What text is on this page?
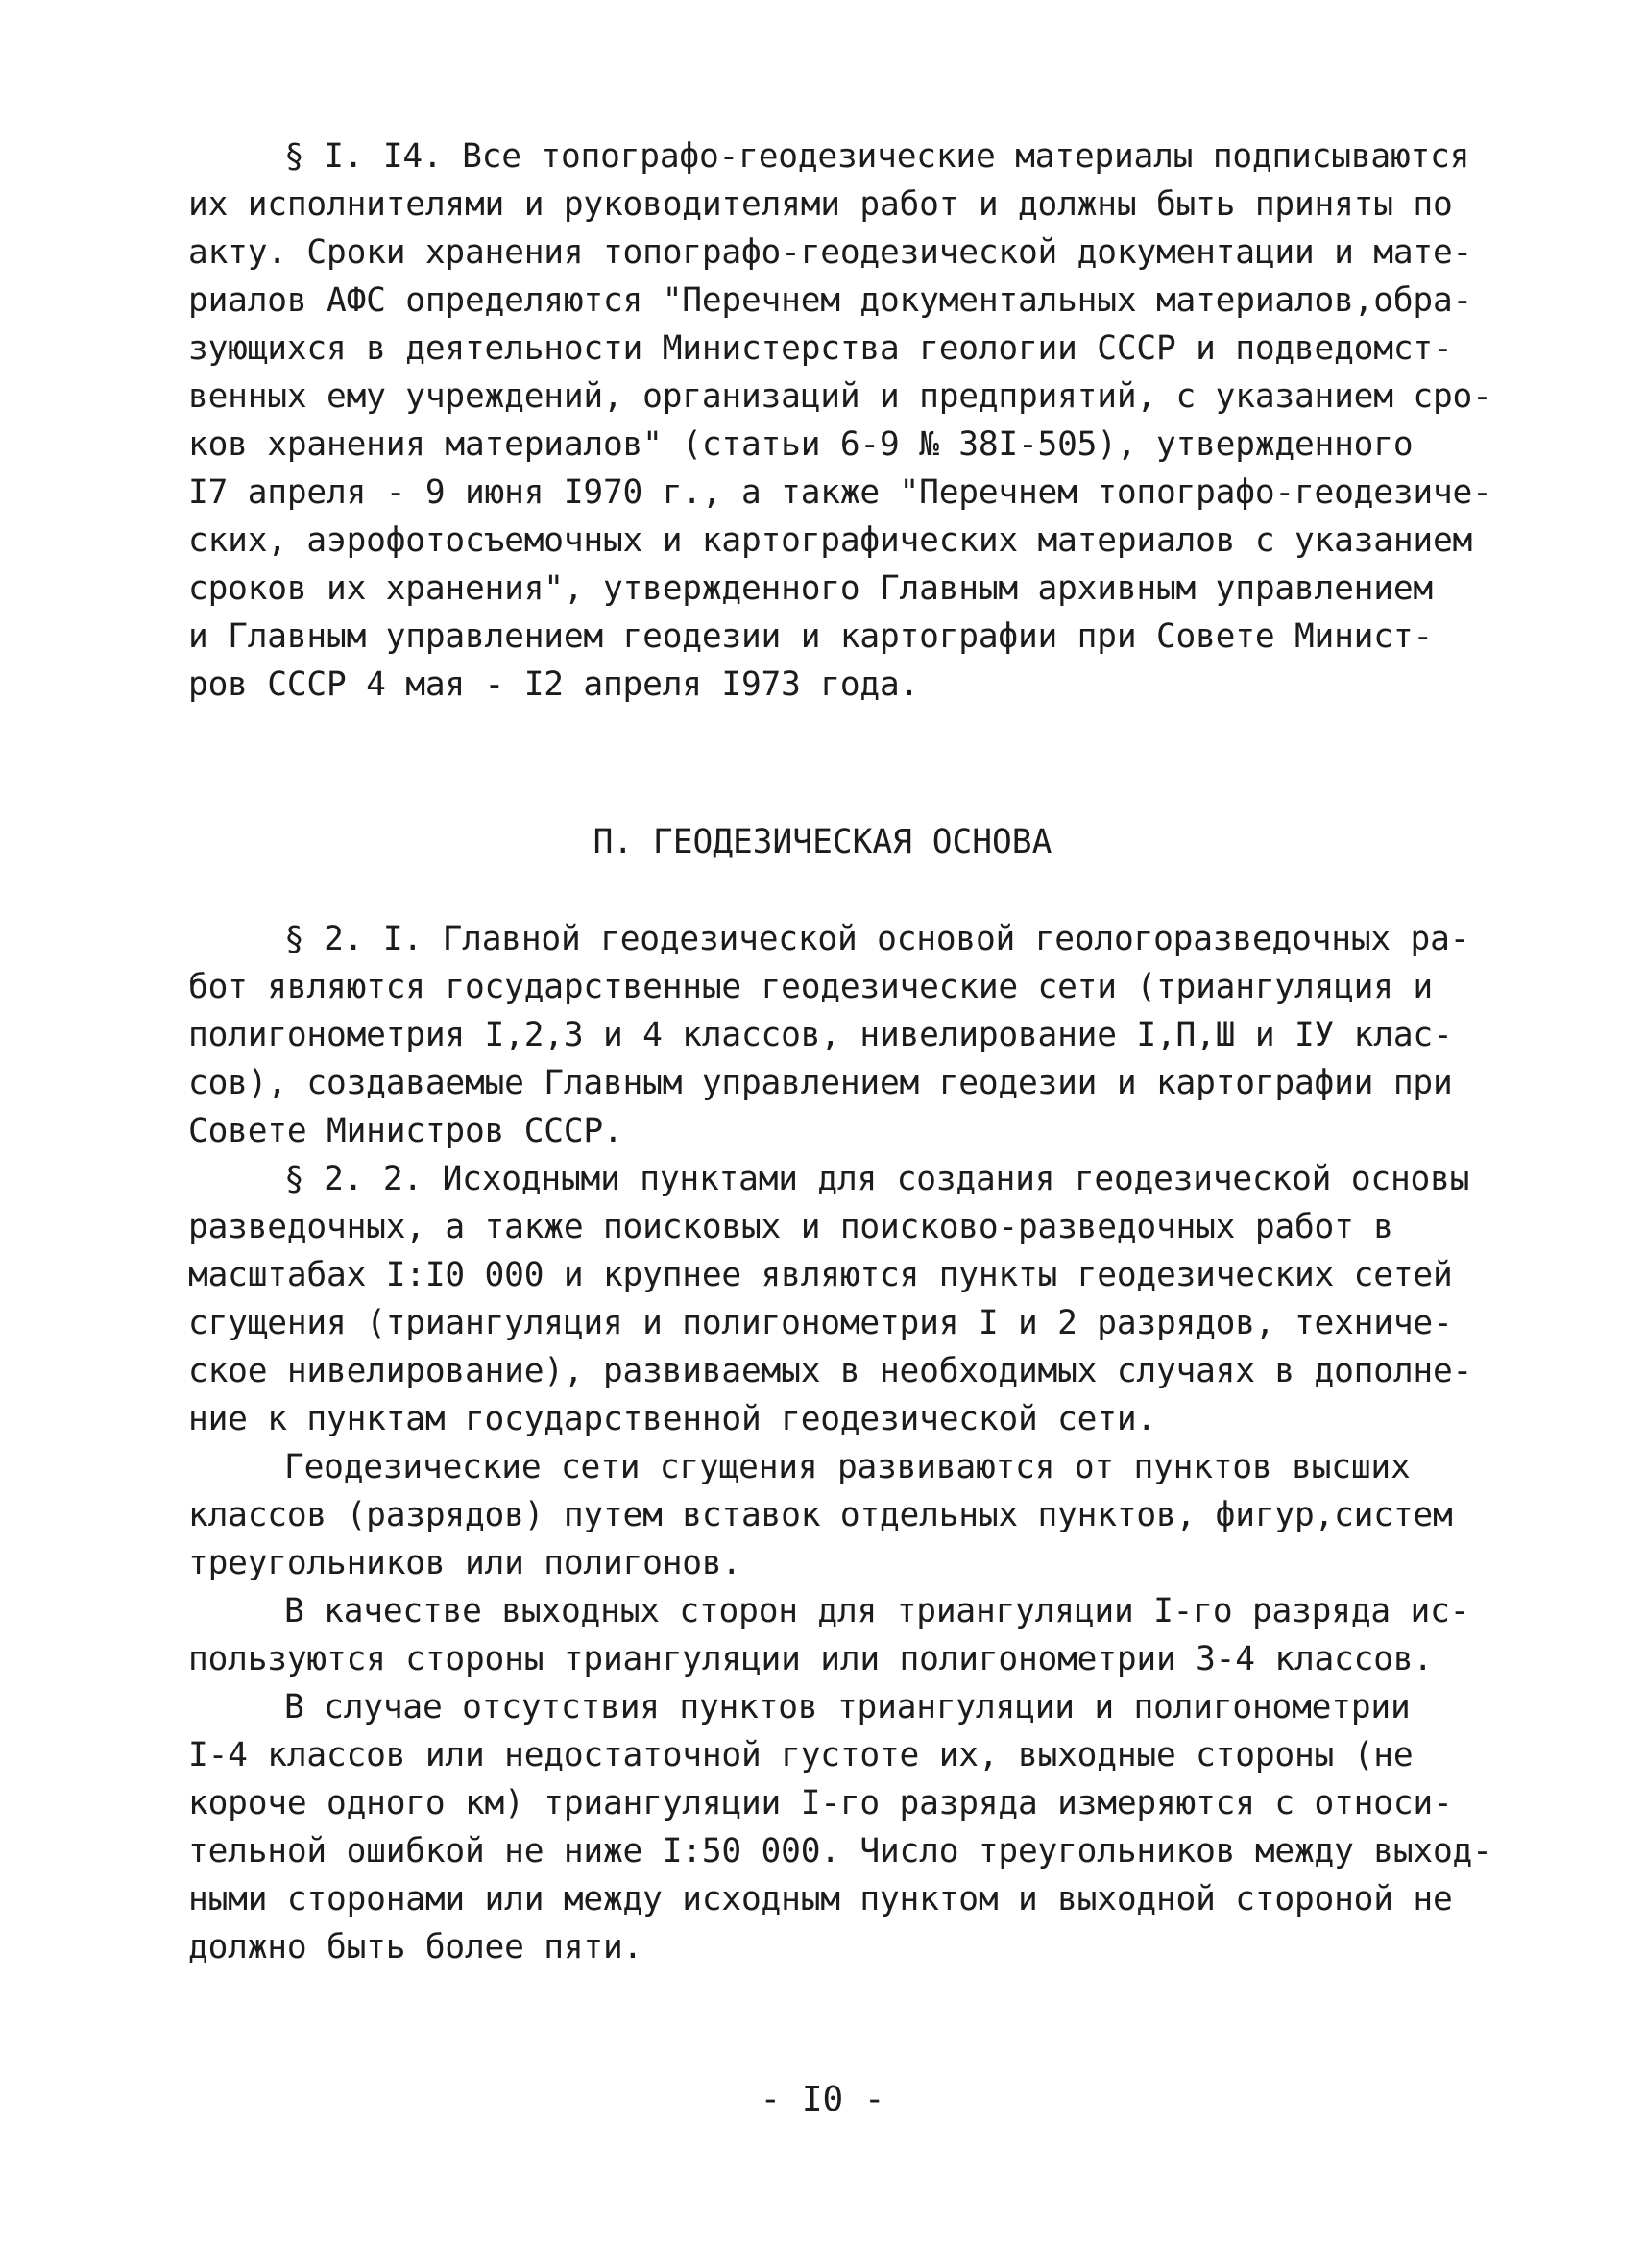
§ I. I4. Все топографо-геодезические материалы подписываются
их исполнителями и руководителями работ и должны быть приняты по
акту. Сроки хранения топографо-геодезической документации и мате-
риалов АФС определяются "Перечнем документальных материалов,обра-
зующихся в деятельности Министерства геологии СССР и подведомст-
венных ему учреждений, организаций и предприятий, с указанием сро-
ков хранения материалов" (статьи 6-9 № 38I-505), утвержденного
I7 апреля - 9 июня I970 г., а также "Перечнем топографо-геодезиче-
ских, аэрофотосъемочных и картографических материалов с указанием
сроков их хранения", утвержденного Главным архивным управлением
и Главным управлением геодезии и картографии при Совете Минист-
ров СССР 4 мая - I2 апреля I973 года.
П. ГЕОДЕЗИЧЕСКАЯ ОСНОВА
§ 2. I. Главной геодезической основой геологоразведочных ра-
бот являются государственные геодезические сети (триангуляция и
полигонометрия I,2,3 и 4 классов, нивелирование I,П,Ш и IУ клас-
сов), создаваемые Главным управлением геодезии и картографии при
Совете Министров СССР.
§ 2. 2. Исходными пунктами для создания геодезической основы
разведочных, а также поисковых и поисково-разведочных работ в
масштабах I:I0 000 и крупнее являются пункты геодезических сетей
сгущения (триангуляция и полигонометрия I и 2 разрядов, техниче-
ское нивелирование), развиваемых в необходимых случаях в дополне-
ние к пунктам государственной геодезической сети.
Геодезические сети сгущения развиваются от пунктов высших
классов (разрядов) путем вставок отдельных пунктов, фигур,систем
треугольников или полигонов.
В качестве выходных сторон для триангуляции I-го разряда ис-
пользуются стороны триангуляции или полигонометрии 3-4 классов.
В случае отсутствия пунктов триангуляции и полигонометрии
I-4 классов или недостаточной густоте их, выходные стороны (не
короче одного км) триангуляции I-го разряда измеряются с относи-
тельной ошибкой не ниже I:50 000. Число треугольников между выход-
ными сторонами или между исходным пунктом и выходной стороной не
должно быть более пяти.
- I0 -
